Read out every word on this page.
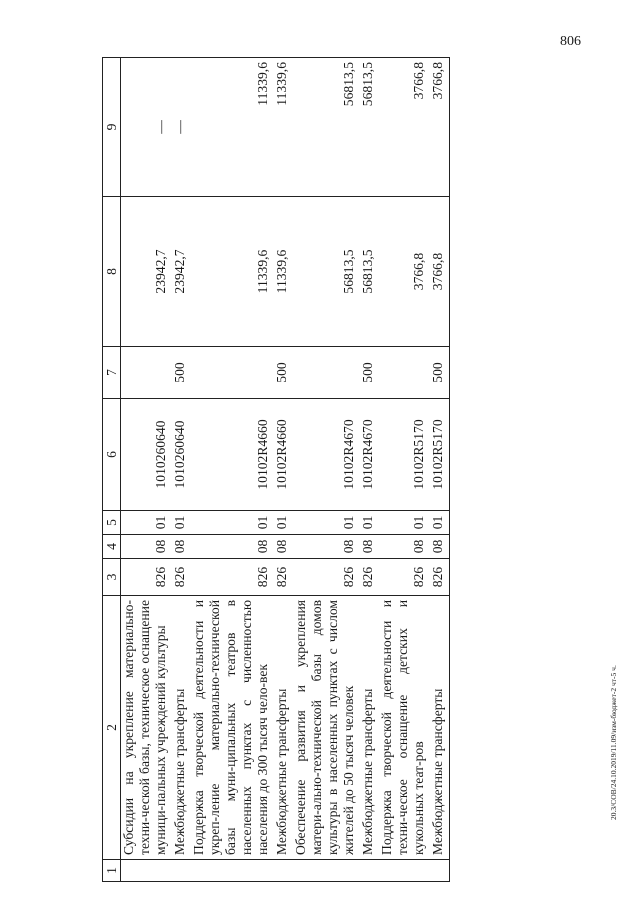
806
1	2	3	4	5	6	7	8	9
	Субсидии на укрепление материально-техни-ческой базы, техническое оснащение муници-пальных учреждений культуры	826	08	01	1010260640		23942,7	—
	Межбюджетные трансферты	826	08	01	1010260640	500	23942,7	—
	Поддержка творческой деятельности и укреп-ление материально-технической базы муни-ципальных театров в населенных пунктах с численностью населения до 300 тысяч чело-век	826	08	01	10102R4660		11339,6	11339,6
	Межбюджетные трансферты	826	08	01	10102R4660	500	11339,6	11339,6
	Обеспечение развития и укрепления матери-ально-технической базы домов культуры в населенных пунктах с числом жителей до 50 тысяч человек	826	08	01	10102R4670		56813,5	56813,5
	Межбюджетные трансферты	826	08	01	10102R4670	500	56813,5	56813,5
	Поддержка творческой деятельности и техни-ческое оснащение детских и кукольных теат-ров	826	08	01	10102R5170		3766,8	3766,8
	Межбюджетные трансферты	826	08	01	10102R5170	500	3766,8	3766,8
20.3/СОВ/24.10.2019/11.09/изм-бюджет-2 чт-5 ч.
